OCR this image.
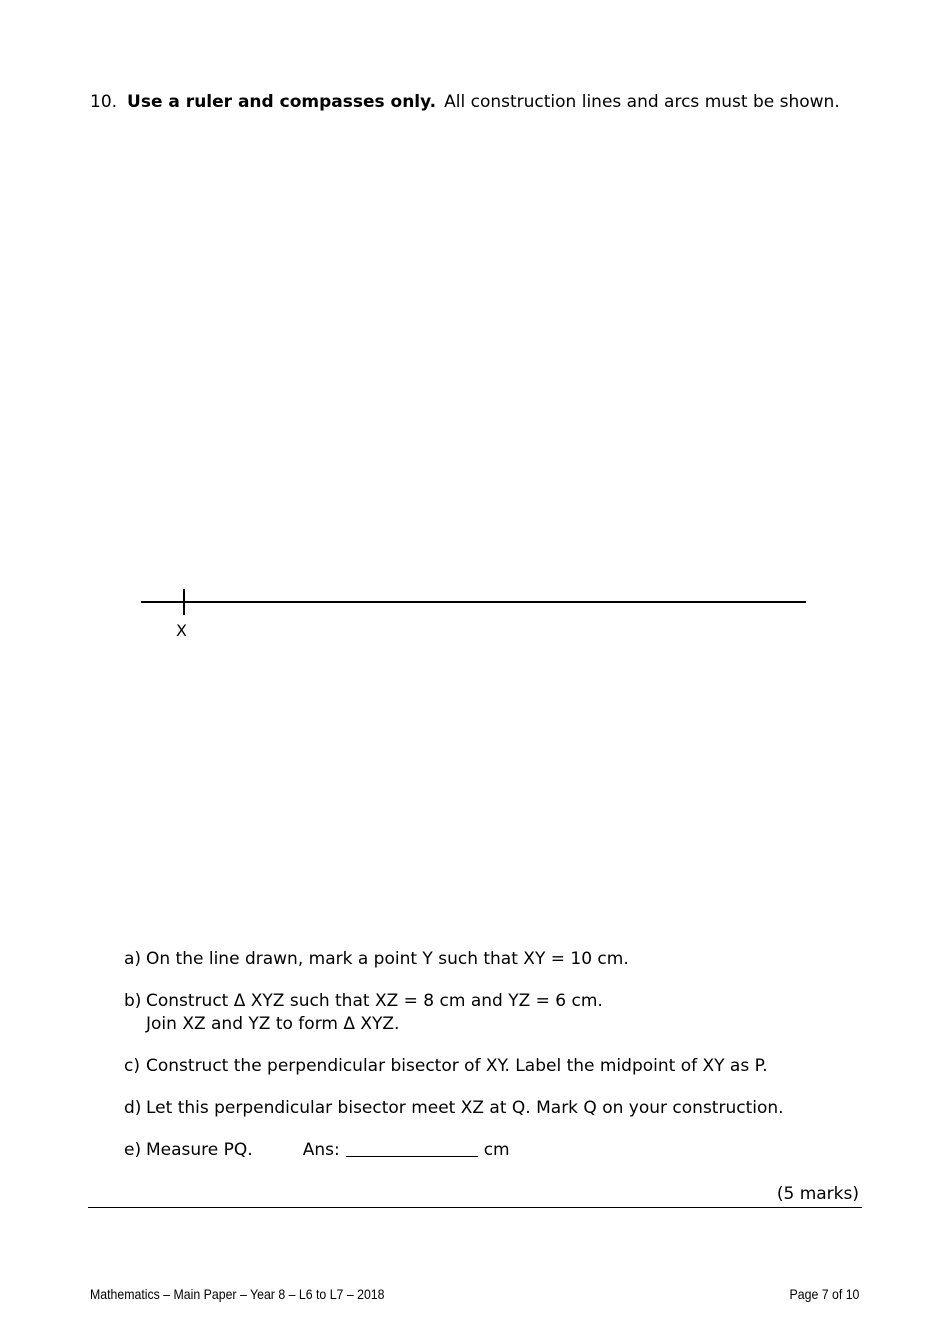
10. Use a ruler and compasses only. All construction lines and arcs must be shown.
X
a) On the line drawn, mark a point Y such that XY = 10 cm.
b) Construct Δ XYZ such that XZ = 8 cm and YZ = 6 cm.
Join XZ and YZ to form Δ XYZ.
c) Construct the perpendicular bisector of XY. Label the midpoint of XY as P.
d) Let this perpendicular bisector meet XZ at Q. Mark Q on your construction.
e) Measure PQ.	Ans:	cm
(5 marks)
Mathematics – Main Paper – Year 8 – L6 to L7 – 2018	Page 7 of 10
